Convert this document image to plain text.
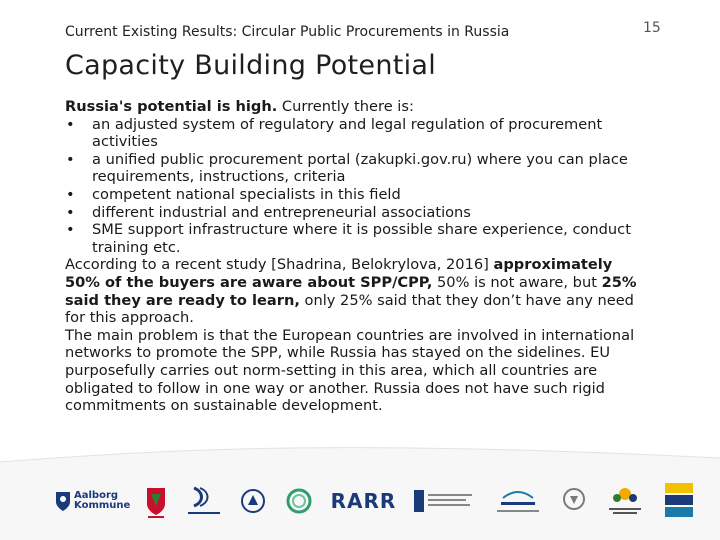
Current Existing Results: Circular Public Procurements in Russia	15
Capacity Building Potential

Russia's potential is high. Currently there is:

• an adjusted system of regulatory and legal regulation of procurement activities
• a unified public procurement portal (zakupki.gov.ru) where you can place requirements, instructions, criteria
• competent national specialists in this field
• different industrial and entrepreneurial associations
• SME support infrastructure where it is possible share experience, conduct training etc.

According to a recent study [Shadrina, Belokrylova, 2016] approximately 50% of the buyers are aware about SPP/CPP, 50% is not aware, but 25% said they are ready to learn, only 25% said that they don’t have any need for this approach.

The main problem is that the European countries are involved in international networks to promote the SPP, while Russia has stayed on the sidelines. EU purposefully carries out norm-setting in this area, which all countries are obligated to follow in one way or another. Russia does not have such rigid commitments on sustainable development.

Aalborg Kommune	RARR
